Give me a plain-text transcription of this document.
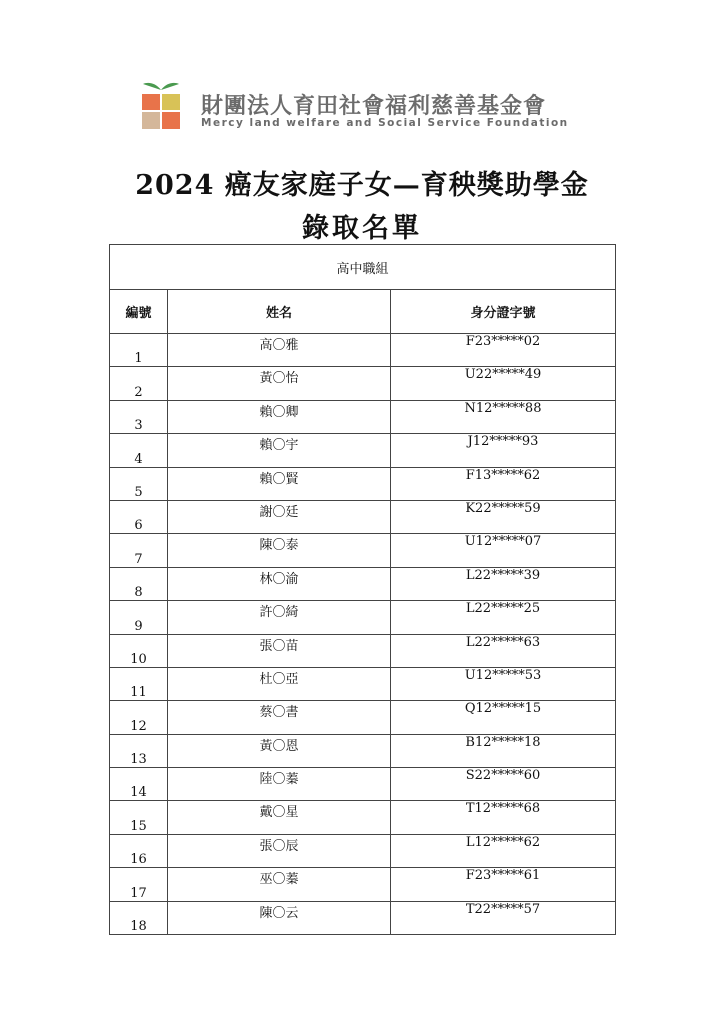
財團法人育田社會福利慈善基金會
Mercy land welfare and Social Service Foundation
2024 癌友家庭子女—育秧獎助學金
錄取名單
高中職組		
編號	姓名	身分證字號
1	高〇雅	F23*****02
2	黃〇怡	U22*****49
3	賴〇卿	N12*****88
4	賴〇宇	J12*****93
5	賴〇賢	F13*****62
6	謝〇廷	K22*****59
7	陳〇泰	U12*****07
8	林〇渝	L22*****39
9	許〇綺	L22*****25
10	張〇苗	L22*****63
11	杜〇亞	U12*****53
12	蔡〇書	Q12*****15
13	黃〇恩	B12*****18
14	陸〇蓁	S22*****60
15	戴〇星	T12*****68
16	張〇辰	L12*****62
17	巫〇蓁	F23*****61
18	陳〇云	T22*****57
